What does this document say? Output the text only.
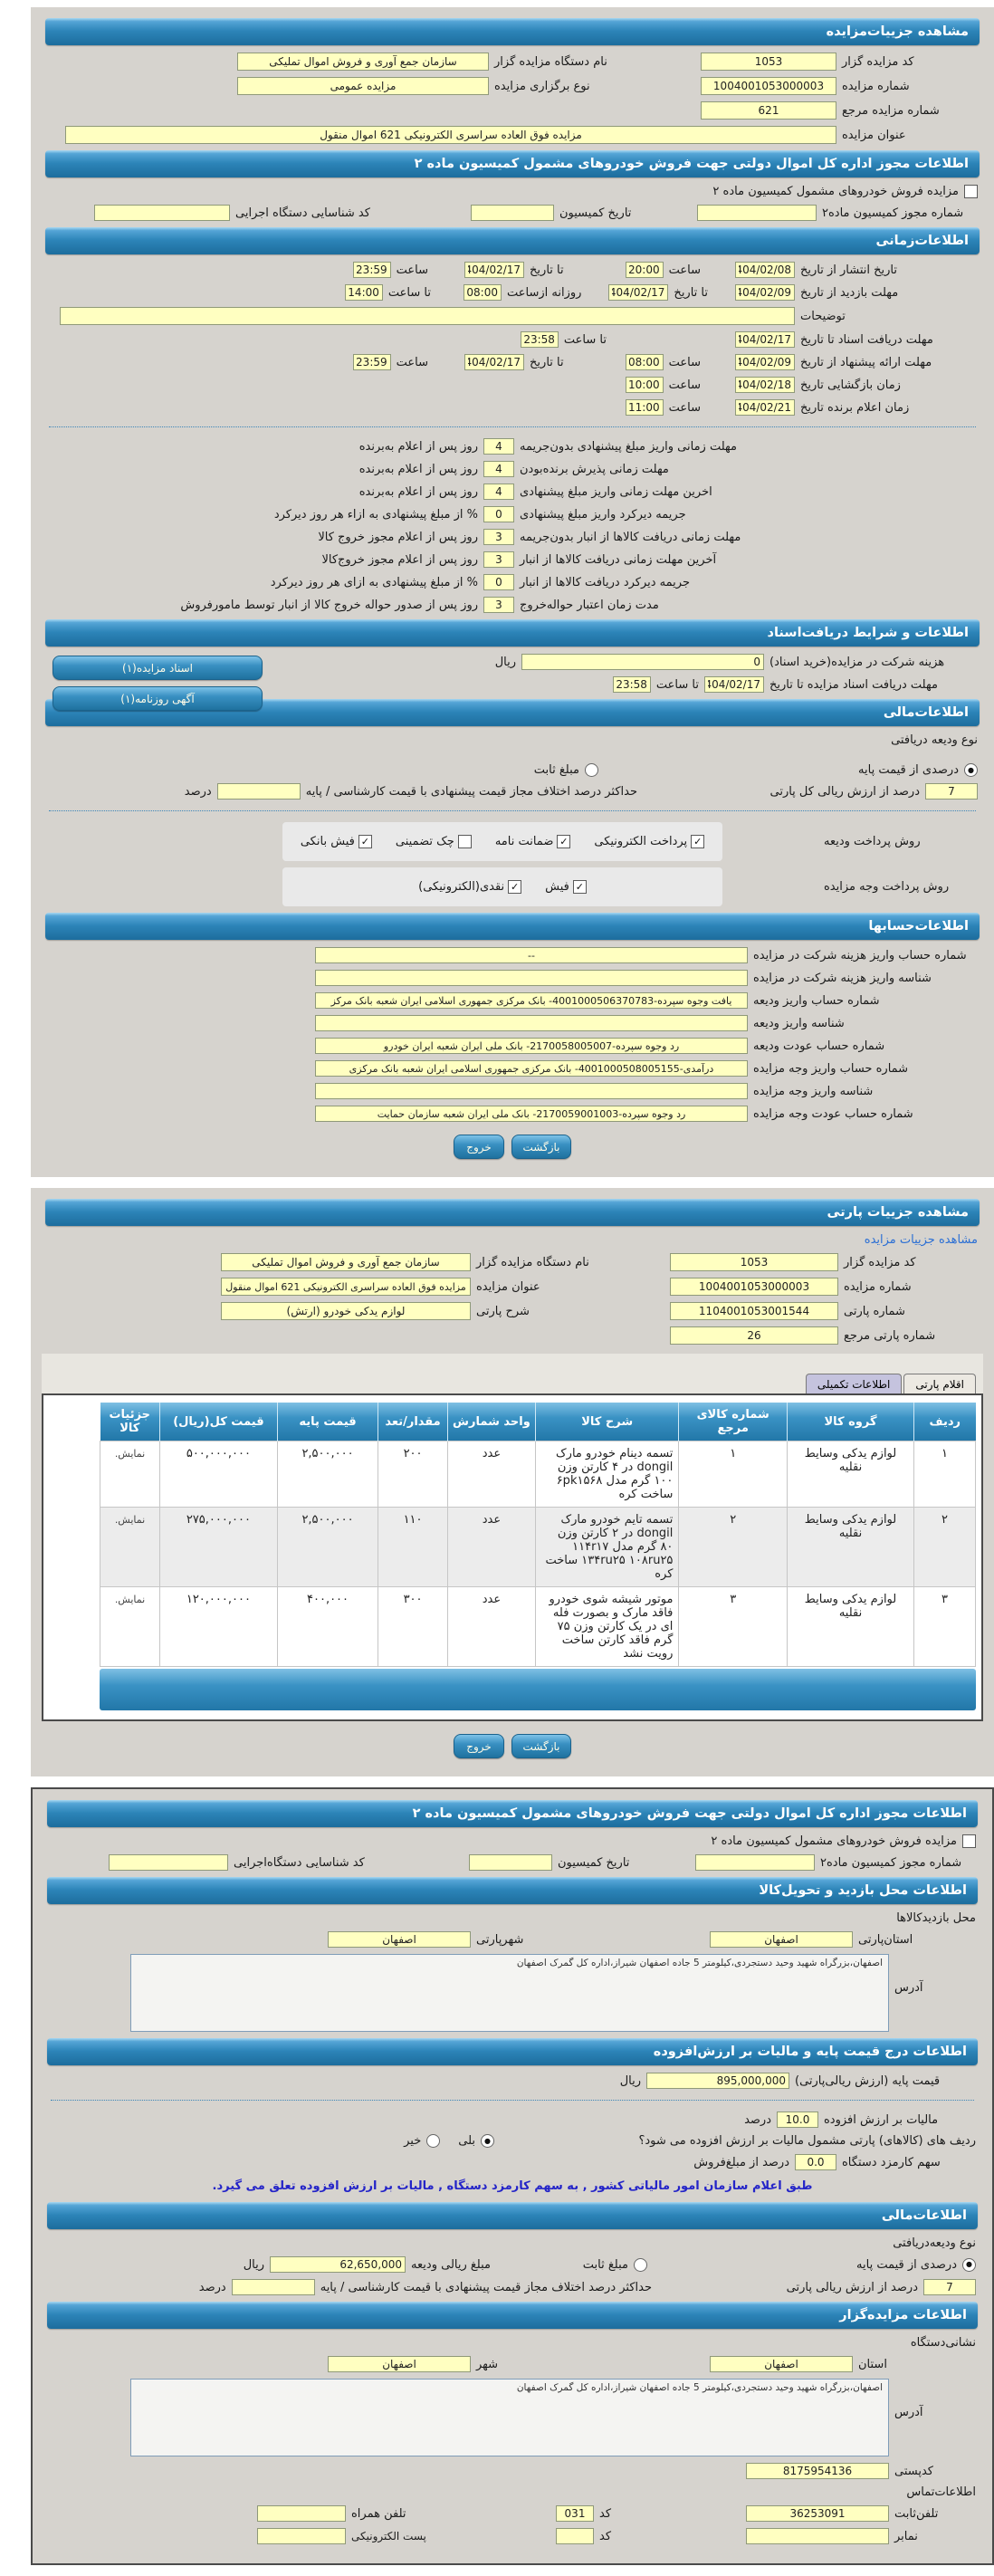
مشاهده جزییات‌مزایده
کد مزایده گزار
1053
نام دستگاه مزایده گزار
سازمان جمع آوری و فروش اموال تملیکی
شماره مزایده
1004001053000003
نوع برگزاری مزایده
مزایده عمومی
شماره مزایده مرجع
621
عنوان مزایده
مزایده فوق العاده سراسری الکترونیکی 621 اموال منقول
اطلاعات مجوز اداره کل اموال دولتی جهت فروش خودروهای مشمول کمیسیون ماده ۲
مزایده فروش خودروهای مشمول کمیسیون ماده ۲
شماره مجوز کمیسیون ماده۲
تاریخ کمیسیون
کد شناسایی دستگاه اجرایی
اطلاعات‌زمانی
تاریخ انتشار از تاریخ
1404/02/08
ساعت
20:00
تا تاریخ
1404/02/17
ساعت
23:59
مهلت بازدید از تاریخ
1404/02/09
تا تاریخ
1404/02/17
روزانه ازساعت
08:00
تا ساعت
14:00
توضیحات
مهلت دریافت اسناد تا تاریخ
1404/02/17
تا ساعت
23:58
مهلت ارائه پیشنهاد از تاریخ
1404/02/09
ساعت
08:00
تا تاریخ
1404/02/17
ساعت
23:59
زمان بازگشایی تاریخ
1404/02/18
ساعت
10:00
زمان اعلام برنده تاریخ
1404/02/21
ساعت
11:00
مهلت زمانی واریز مبلغ پیشنهادی بدون‌جریمه
4
روز پس از اعلام به‌برنده
مهلت زمانی پذیرش برنده‌بودن
4
روز پس از اعلام به‌برنده
اخرین مهلت زمانی واریز مبلغ پیشنهادی
4
روز پس از اعلام به‌برنده
جریمه دیرکرد واریز مبلغ پیشنهادی
0
% از مبلغ پیشنهادی به ازاء هر روز دیرکرد
مهلت زمانی دریافت کالاها از انبار بدون‌جریمه
3
روز پس از اعلام مجوز خروج کالا
آخرین مهلت زمانی دریافت کالاها از انبار
3
روز پس از اعلام مجوز خروج‌کالا
جریمه دیرکرد دریافت کالاها از انبار
0
% از مبلغ پیشنهادی به ازای هر روز دیرکرد
مدت زمان اعتبار حواله‌خروج
3
روز پس از صدور حواله خروج کالا از انبار توسط مامورفروش
اطلاعات و شرایط دریافت‌اسناد
اسناد مزایده(۱)
آگهی روزنامه(۱)
هزینه شرکت در مزایده(خرید اسناد)
0
ریال
مهلت دریافت اسناد مزایده تا تاریخ
1404/02/17
تا ساعت
23:58
اطلاعات‌مالی
نوع ودیعه دریافتی
●
درصدی از قیمت پایه
مبلغ ثابت
7
درصد از ارزش ریالی کل پارتی
حداکثر درصد اختلاف مجاز قیمت پیشنهادی با قیمت کارشناسی / پایه
درصد
روش پرداخت ودیعه
✓
پرداخت الکترونیکی
✓
ضمانت نامه
چک تضمینی
✓
فیش بانکی
روش پرداخت وجه مزایده
✓
فیش
✓
نقدی(الکترونیکی)
اطلاعات‌حسابها
شماره حساب واریز هزینه شرکت در مزایده
--
شناسه واریز هزینه شرکت در مزایده
شماره حساب واریز ودیعه
یافت وجوه سپرده-4001000506370783- بانک مرکزی جمهوری اسلامی ایران شعبه بانک مرکز
شناسه واریز ودیعه
شماره حساب عودت ودیعه
رد وجوه سپرده-2170058005007- بانک ملی ایران شعبه ایران خودرو
شماره حساب واریز وجه مزایده
درآمدی-4001000508005155- بانک مرکزی جمهوری اسلامی ایران شعبه بانک مرکزی
شناسه واریز وجه مزایده
شماره حساب عودت وجه مزایده
رد وجوه سپرده-2170059001003- بانک ملی ایران شعبه سازمان حمایت
بازگشت
خروج
مشاهده جزییات پارتی
مشاهده جزییات مزایده
کد مزایده گزار
1053
نام دستگاه مزایده گزار
سازمان جمع آوری و فروش اموال تملیکی
شماره مزایده
1004001053000003
عنوان مزایده
مزایده فوق العاده سراسری الکترونیکی 621 اموال منقول
شماره پارتی
1104001053001544
شرح پارتی
لوازم یدکی خودرو (ارتش)
شماره پارتی مرجع
26
اقلام پارتی
اطلاعات تکمیلی
ردیف	گروه کالا	شماره کالای مرجع	شرح کالا	واحد شمارش	مقدار/تعد	قیمت پایه	قیمت کل(ریال)	جزئیات کالا
۱	لوازم یدکی وسایط نقلیه	۱	تسمه دینام خودرو مارک dongil در ۴ کارتن وزن ۱۰۰ گرم مدل ۶pk۱۵۶۸ ساخت کره	عدد	۲۰۰	۲,۵۰۰,۰۰۰	۵۰۰,۰۰۰,۰۰۰	نمایش.
۲	لوازم یدکی وسایط نقلیه	۲	تسمه تایم خودرو مارک dongil در ۲ کارتن وزن ۸۰ گرم مدل ۱۱۴r۱۷ ۱۳۴ru۲۵ ۱۰۸ru۲۵ ساخت کره	عدد	۱۱۰	۲,۵۰۰,۰۰۰	۲۷۵,۰۰۰,۰۰۰	نمایش.
۳	لوازم یدکی وسایط نقلیه	۳	موتور شیشه شوی خودرو فاقد مارک و بصورت فله ای در یک کارتن وزن ۷۵ گرم فاقد کارتن ساخت رویت نشد	عدد	۳۰۰	۴۰۰,۰۰۰	۱۲۰,۰۰۰,۰۰۰	نمایش.
بازگشت
خروج
اطلاعات مجوز اداره کل اموال دولتی جهت فروش خودروهای مشمول کمیسیون ماده ۲
مزایده فروش خودروهای مشمول کمیسیون ماده ۲
شماره مجوز کمیسیون ماده۲
تاریخ کمیسیون
کد شناسایی دستگاه‌اجرایی
اطلاعات محل بازدید و تحویل‌کالا
محل بازدیدکالاها
استان‌پارتی
اصفهان
شهرپارتی
اصفهان
آدرس
اصفهان،بزرگراه شهید وحید دستجردی،کیلومتر 5 جاده اصفهان شیراز،اداره کل گمرک اصفهان
اطلاعات درج قیمت پایه و مالیات بر ارزش‌افزوده
قیمت پایه (ارزش ریالی‌پارتی)
895,000,000
ریال
مالیات بر ارزش افزوده
10.0
درصد
ردیف های (کالاهای) پارتی مشمول مالیات بر ارزش افزوده می شود؟
●
بلی
خیر
سهم کارمزد دستگاه
0.0
درصد از مبلغ‌فروش
طبق اعلام سازمان امور مالیاتی کشور , به سهم کارمزد دستگاه , مالیات بر ارزش افزوده تعلق می گیرد.
اطلاعات‌مالی
نوع ودیعه‌دریافتی
●
درصدی از قیمت پایه
مبلغ ثابت
مبلغ ریالی ودیعه
62,650,000
ریال
7
درصد از ارزش ریالی پارتی
حداکثر درصد اختلاف مجاز قیمت پیشنهادی با قیمت کارشناسی / پایه
درصد
اطلاعات مزایده‌گزار
نشانی‌دستگاه
استان
اصفهان
شهر
اصفهان
آدرس
اصفهان،بزرگراه شهید وحید دستجردی،کیلومتر 5 جاده اصفهان شیراز،اداره کل گمرک اصفهان
کدپستی
8175954136
اطلاعات‌تماس
تلفن‌ثابت
36253091
کد
031
تلفن همراه
نمابر
کد
پست الکترونیکی
